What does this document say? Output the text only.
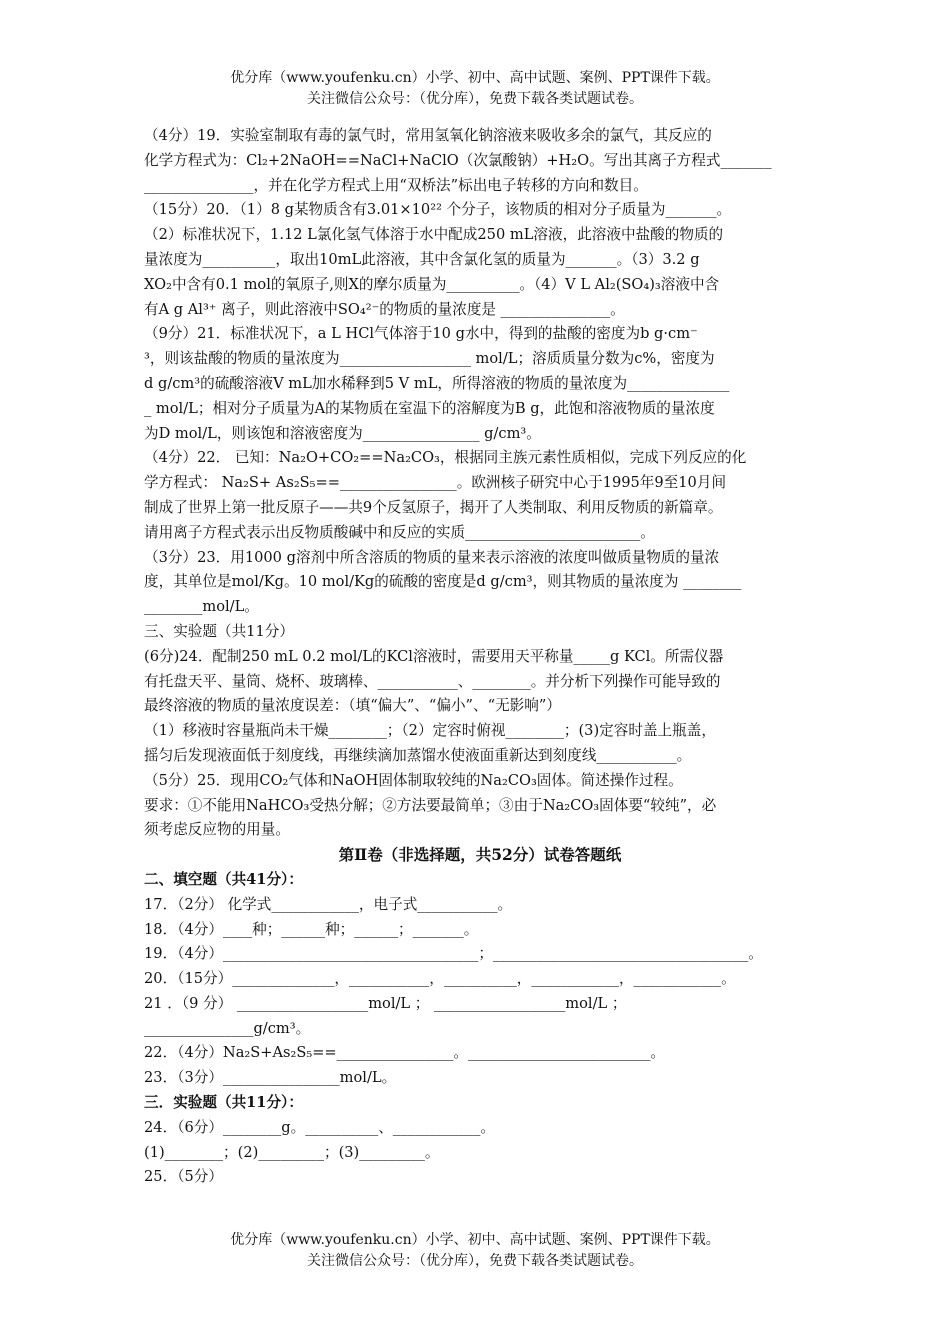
优分库（www.youfenku.cn）小学、初中、高中试题、案例、PPT课件下载。
关注微信公众号：（优分库），免费下载各类试题试卷。

（4分）19．实验室制取有毒的氯气时，常用氢氧化钠溶液来吸收多余的氯气，其反应的

化学方程式为：Cl₂+2NaOH==NaCl+NaClO（次氯酸钠）+H₂O。写出其离子方程式_______

_______________，并在化学方程式上用“双桥法”标出电子转移的方向和数目。

（15分）20．（1）8 g某物质含有3.01×10²² 个分子，该物质的相对分子质量为_______。

（2）标准状况下，1.12 L氯化氢气体溶于水中配成250 mL溶液，此溶液中盐酸的物质的

量浓度为__________，取出10mL此溶液，其中含氯化氢的质量为_______。（3）3.2 g

XO₂中含有0.1 mol的氧原子,则X的摩尔质量为__________。（4）V L Al₂(SO₄)₃溶液中含

有A g Al³⁺ 离子，则此溶液中SO₄²⁻的物质的量浓度是 _______________。

（9分）21．标准状况下，a L HCl气体溶于10 g水中，得到的盐酸的密度为b g·cm⁻

³，则该盐酸的物质的量浓度为__________________ mol/L；溶质质量分数为c%，密度为

d g/cm³的硫酸溶液V mL加水稀释到5 V mL，所得溶液的物质的量浓度为______________

_ mol/L；相对分子质量为A的某物质在室温下的溶解度为B g，此饱和溶液物质的量浓度

为D mol/L，则该饱和溶液密度为________________ g/cm³。

（4分）22． 已知：Na₂O+CO₂==Na₂CO₃，根据同主族元素性质相似，完成下列反应的化

学方程式： Na₂S+ As₂S₅==________________。欧洲核子研究中心于1995年9至10月间

制成了世界上第一批反原子——共9个反氢原子，揭开了人类制取、利用反物质的新篇章。

请用离子方程式表示出反物质酸碱中和反应的实质________________________。

（3分）23．用1000 g溶剂中所含溶质的物质的量来表示溶液的浓度叫做质量物质的量浓

度，其单位是mol/Kg。10 mol/Kg的硫酸的密度是d g/cm³，则其物质的量浓度为 ________

________mol/L。

三、实验题（共11分）

(6分)24．配制250 mL 0.2 mol/L的KCl溶液时，需要用天平称量_____g KCl。所需仪器

有托盘天平、量筒、烧杯、玻璃棒、___________、________。并分析下列操作可能导致的

最终溶液的物质的量浓度误差：（填“偏大”、“偏小”、“无影响”）

（1）移液时容量瓶尚未干燥________；（2）定容时俯视________；(3)定容时盖上瓶盖，

摇匀后发现液面低于刻度线，再继续滴加蒸馏水使液面重新达到刻度线___________。

（5分）25．现用CO₂气体和NaOH固体制取较纯的Na₂CO₃固体。简述操作过程。

要求：①不能用NaHCO₃受热分解；②方法要最简单；③由于Na₂CO₃固体要“较纯”，必

须考虑反应物的用量。

第Ⅱ卷（非选择题，共52分）试卷答题纸

二、填空题（共41分）：

17．（2分） 化学式____________，电子式___________。

18．（4分）____种；______种；______；_______。

19．（4分）___________________________________；___________________________________。

20．（15分）______________，___________，__________，____________，____________。

21 ．（9 分） __________________mol/L ； __________________mol/L ；

_______________g/cm³。

22．（4分）Na₂S+As₂S₅==________________。_________________________。

23．（3分）________________mol/L。

三．实验题（共11分）：

24．（6分）________g。__________、____________。

(1)________；(2)_________；(3)_________。

25．（5分）

优分库（www.youfenku.cn）小学、初中、高中试题、案例、PPT课件下载。
关注微信公众号：（优分库），免费下载各类试题试卷。
